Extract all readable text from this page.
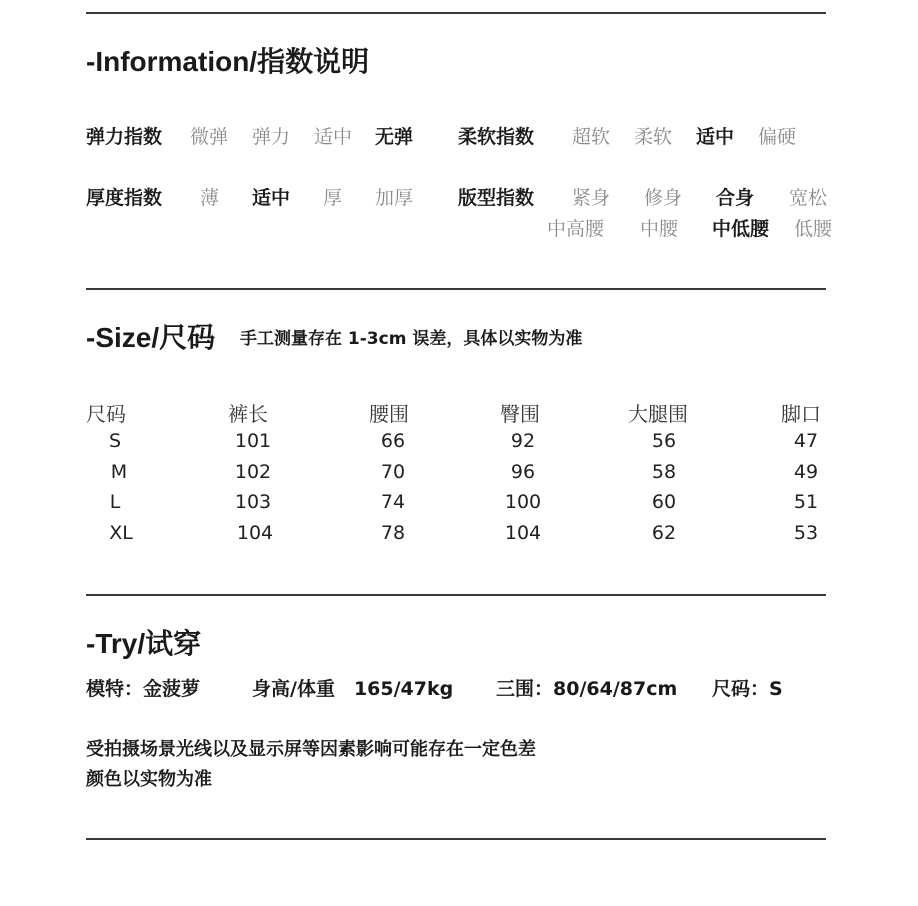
-Information/指数说明
弹力指数 微弹 弹力 适中 无弹 柔软指数 超软 柔软 适中 偏硬
厚度指数 薄 适中 厚 加厚 版型指数 紧身 修身 合身 宽松
中高腰 中腰 中低腰 低腰
-Size/尺码 手工测量存在 1-3cm 误差，具体以实物为准
尺码	裤长	腰围	臀围	大腿围	脚口
S	101	66	92	56	47
M	102	70	96	58	49
L	103	74	100	60	51
XL	104	78	104	62	53
-Try/试穿
模特：金菠萝	身高/体重　165/47kg 三围：80/64/87cm 尺码：S
受拍摄场景光线以及显示屏等因素影响可能存在一定色差
颜色以实物为准
